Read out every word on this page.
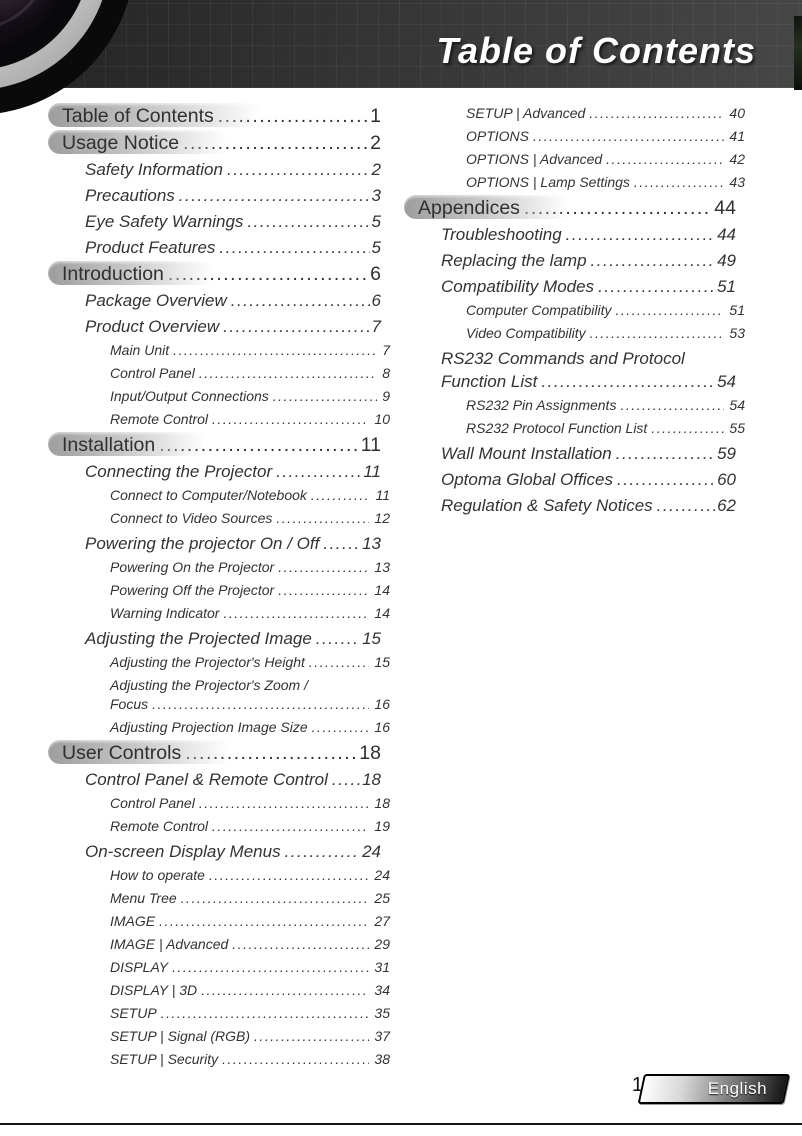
Table of Contents
Table of Contents .....	1
Usage Notice .....	2
Safety Information .....	2
Precautions .....	3
Eye Safety Warnings .....	5
Product Features .....	5
Introduction .....	6
Package Overview .....	6
Product Overview .....	7
Main Unit .....	7
Control Panel .....	8
Input/Output Connections .....	9
Remote Control .....	10
Installation .....	11
Connecting the Projector .....	11
Connect to Computer/Notebook .....	11
Connect to Video Sources .....	12
Powering the projector On / Off .....	13
Powering On the Projector .....	13
Powering Off the Projector .....	14
Warning Indicator .....	14
Adjusting the Projected Image .....	15
Adjusting the Projector's Height .....	15
Adjusting the Projector's Zoom /
Focus .....	16
Adjusting Projection Image Size .....	16
User Controls .....	18
Control Panel & Remote Control ..... 18
Control Panel .....	18
Remote Control .....	19
On-screen Display Menus .....	24
How to operate .....	24
Menu Tree .....	25
IMAGE .....	27
IMAGE | Advanced .....	29
DISPLAY .....	31
DISPLAY | 3D .....	34
SETUP .....	35
SETUP | Signal (RGB) .....	37
SETUP | Security .....	38
SETUP | Advanced .....	40
OPTIONS .....	41
OPTIONS | Advanced .....	42
OPTIONS | Lamp Settings .....	43
Appendices .....	44
Troubleshooting .....	44
Replacing the lamp .....	49
Compatibility Modes .....	51
Computer Compatibility .....	51
Video Compatibility .....	53
RS232 Commands and Protocol
Function List .....	54
RS232 Pin Assignments .....	54
RS232 Protocol Function List .....	55
Wall Mount Installation .....	59
Optoma Global Offices .....	60
Regulation & Safety Notices .....	62
1	English
